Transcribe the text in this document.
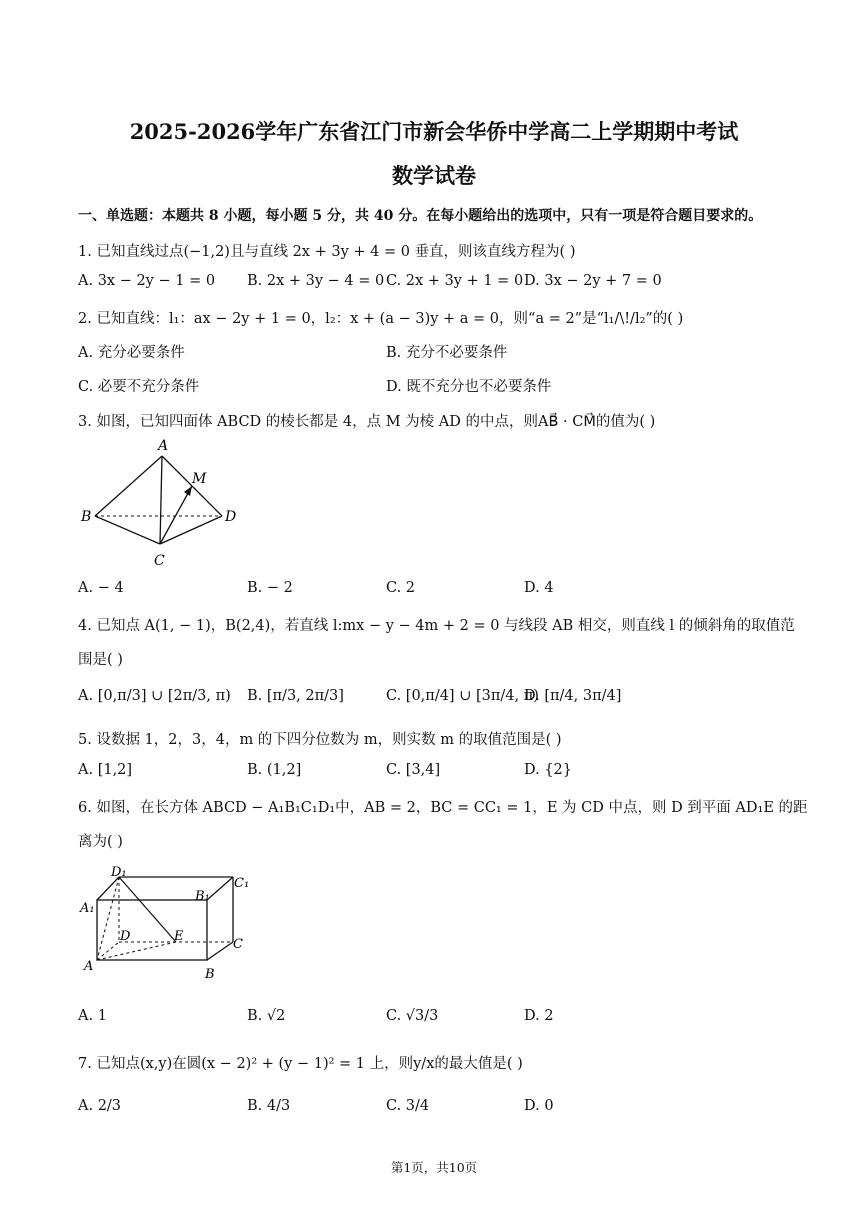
2025-2026学年广东省江门市新会华侨中学高二上学期期中考试
数学试卷
一、单选题：本题共 8 小题，每小题 5 分，共 40 分。在每小题给出的选项中，只有一项是符合题目要求的。
1. 已知直线过点(−1,2)且与直线 2x + 3y + 4 = 0 垂直，则该直线方程为( )
A. 3x − 2y − 1 = 0 B. 2x + 3y − 4 = 0 C. 2x + 3y + 1 = 0 D. 3x − 2y + 7 = 0
2. 已知直线：l₁：ax − 2y + 1 = 0，l₂：x + (a − 3)y + a = 0，则“a = 2”是“l₁/\!/l₂”的( )
A. 充分必要条件	B. 充分不必要条件
C. 必要不充分条件	D. 既不充分也不必要条件
3. 如图，已知四面体 ABCD 的棱长都是 4，点 M 为棱 AD 的中点，则AB⃗ · CM⃗的值为( )
A
M
B	D
C
A. − 4	B. − 2	C. 2	D. 4
4. 已知点 A(1, − 1)，B(2,4)，若直线 l:mx − y − 4m + 2 = 0 与线段 AB 相交，则直线 l 的倾斜角的取值范
围是( )
A. [0,π/3] ∪ [2π/3, π) B. [π/3, 2π/3]	C. [0,π/4] ∪ [3π/4, π)
D. [π/4, 3π/4]
5. 设数据 1，2，3，4，m 的下四分位数为 m，则实数 m 的取值范围是( )
A. [1,2]	B. (1,2]	C. [3,4]	D. {2}
6. 如图，在长方体 ABCD − A₁B₁C₁D₁中，AB = 2，BC = CC₁ = 1，E 为 CD 中点，则 D 到平面 AD₁E 的距
离为( )
D₁
B₁
C₁
A₁
D	E
C
A
B
A. 1	B. √2	C. √3/3	D. 2
7. 已知点(x,y)在圆(x − 2)² + (y − 1)² = 1 上，则y/x的最大值是( )
A. 2/3	B. 4/3	C. 3/4	D. 0
第1页，共10页
